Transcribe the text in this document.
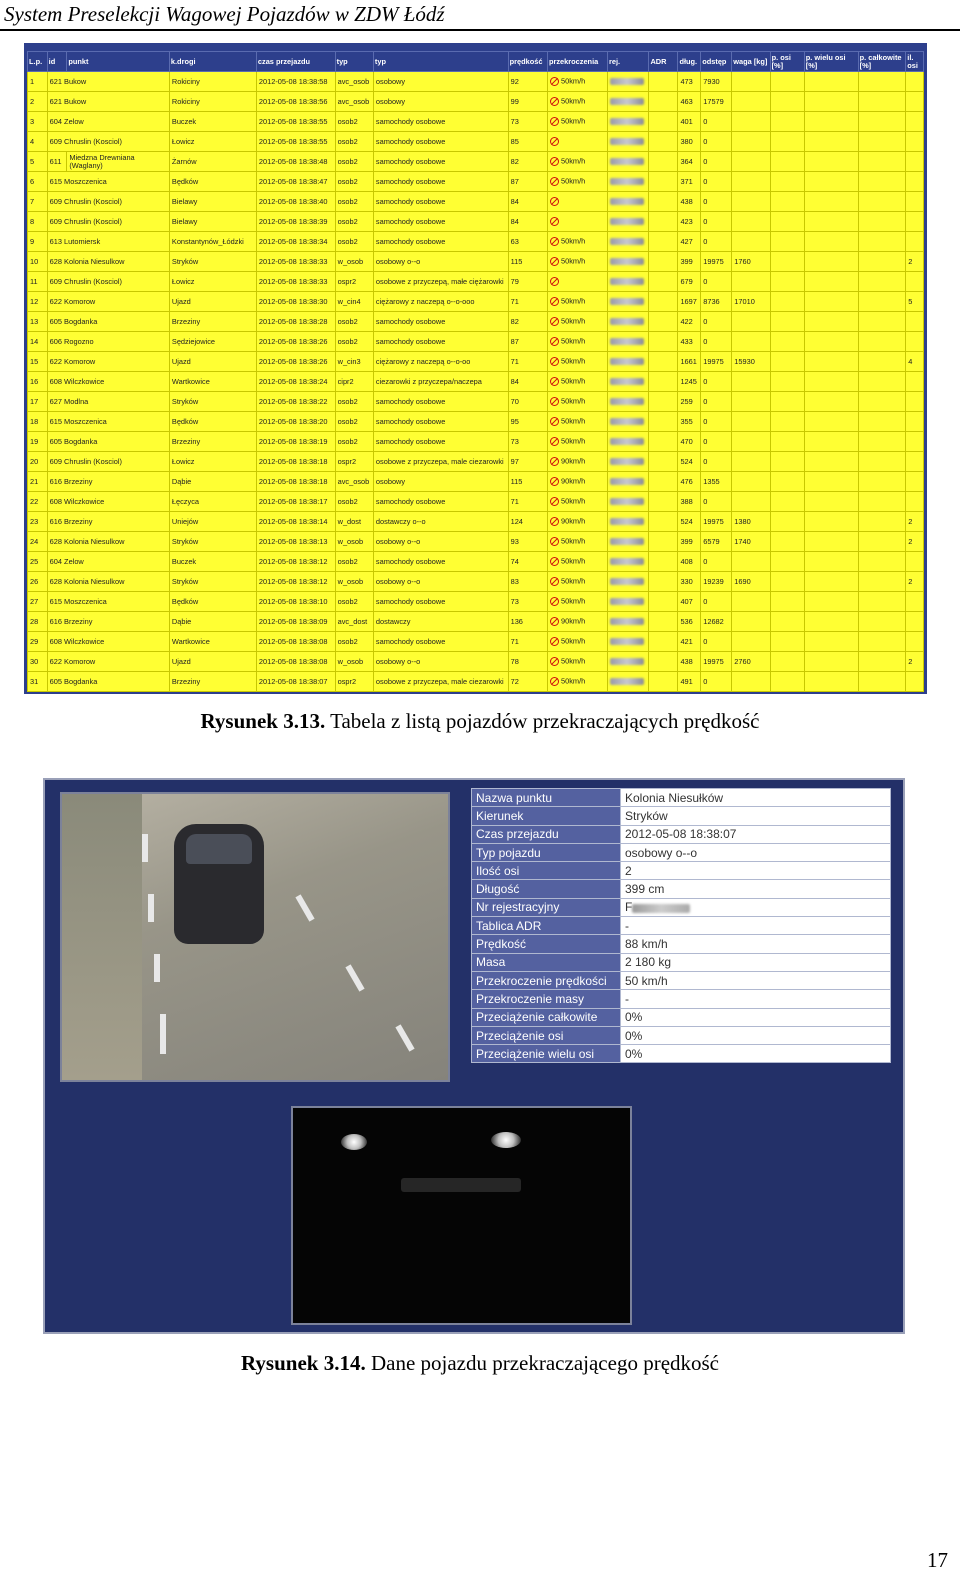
System Preselekcji Wagowej Pojazdów w ZDW Łódź
L.p.	id	punkt	k.drogi	czas przejazdu	typ	typ	prędkość	przekroczenia	rej.	ADR	dług.	odstęp	waga [kg]	p. osi [%]	p. wielu osi [%]	p. całkowite [%]	il. osi
1	621 Bukow		Rokiciny	2012-05-08 18:38:58	avc_osob	osobowy	92	50km/h			473	7930					
2	621 Bukow		Rokiciny	2012-05-08 18:38:56	avc_osob	osobowy	99	50km/h			463	17579					
3	604 Zelow		Buczek	2012-05-08 18:38:55	osob2	samochody osobowe	73	50km/h			401	0					
4	609 Chruslin (Kosciol)		Łowicz	2012-05-08 18:38:55	osob2	samochody osobowe	85				380	0					
5	611	Miedzna Drewniana (Waglany)	Żarnów	2012-05-08 18:38:48	osob2	samochody osobowe	82	50km/h			364	0					
6	615 Moszczenica		Będków	2012-05-08 18:38:47	osob2	samochody osobowe	87	50km/h			371	0					
7	609 Chruslin (Kosciol)		Bielawy	2012-05-08 18:38:40	osob2	samochody osobowe	84				438	0					
8	609 Chruslin (Kosciol)		Bielawy	2012-05-08 18:38:39	osob2	samochody osobowe	84				423	0					
9	613 Lutomiersk		Konstantynów_Łódzki	2012-05-08 18:38:34	osob2	samochody osobowe	63	50km/h			427	0					
10	628 Kolonia Niesulkow		Stryków	2012-05-08 18:38:33	w_osob	osobowy o--o	115	50km/h			399	19975	1760				2
11	609 Chruslin (Kosciol)		Łowicz	2012-05-08 18:38:33	ospr2	osobowe z przyczepą, małe ciężarowki	79				679	0					
12	622 Komorow		Ujazd	2012-05-08 18:38:30	w_cin4	ciężarowy z naczepą o--o-ooo	71	50km/h			1697	8736	17010				5
13	605 Bogdanka		Brzeziny	2012-05-08 18:38:28	osob2	samochody osobowe	82	50km/h			422	0					
14	606 Rogozno		Sędziejowice	2012-05-08 18:38:26	osob2	samochody osobowe	87	50km/h			433	0					
15	622 Komorow		Ujazd	2012-05-08 18:38:26	w_cin3	ciężarowy z naczepą o--o-oo	71	50km/h			1661	19975	15930				4
16	608 Wilczkowice		Wartkowice	2012-05-08 18:38:24	cipr2	ciezarowki z przyczepa/naczepa	84	50km/h			1245	0					
17	627 Modlna		Stryków	2012-05-08 18:38:22	osob2	samochody osobowe	70	50km/h			259	0					
18	615 Moszczenica		Będków	2012-05-08 18:38:20	osob2	samochody osobowe	95	50km/h			355	0					
19	605 Bogdanka		Brzeziny	2012-05-08 18:38:19	osob2	samochody osobowe	73	50km/h			470	0					
20	609 Chruslin (Kosciol)		Łowicz	2012-05-08 18:38:18	ospr2	osobowe z przyczepa, male ciezarowki	97	90km/h			524	0					
21	616 Brzeziny		Dąbie	2012-05-08 18:38:18	avc_osob	osobowy	115	90km/h			476	1355					
22	608 Wilczkowice		Łęczyca	2012-05-08 18:38:17	osob2	samochody osobowe	71	50km/h			388	0					
23	616 Brzeziny		Uniejów	2012-05-08 18:38:14	w_dost	dostawczy o--o	124	90km/h			524	19975	1380				2
24	628 Kolonia Niesulkow		Stryków	2012-05-08 18:38:13	w_osob	osobowy o--o	93	50km/h			399	6579	1740				2
25	604 Zelow		Buczek	2012-05-08 18:38:12	osob2	samochody osobowe	74	50km/h			408	0					
26	628 Kolonia Niesulkow		Stryków	2012-05-08 18:38:12	w_osob	osobowy o--o	83	50km/h			330	19239	1690				2
27	615 Moszczenica		Będków	2012-05-08 18:38:10	osob2	samochody osobowe	73	50km/h			407	0					
28	616 Brzeziny		Dąbie	2012-05-08 18:38:09	avc_dost	dostawczy	136	90km/h			536	12682					
29	608 Wilczkowice		Wartkowice	2012-05-08 18:38:08	osob2	samochody osobowe	71	50km/h			421	0					
30	622 Komorow		Ujazd	2012-05-08 18:38:08	w_osob	osobowy o--o	78	50km/h			438	19975	2760				2
31	605 Bogdanka		Brzeziny	2012-05-08 18:38:07	ospr2	osobowe z przyczepa, male ciezarowki	72	50km/h			491	0					
Rysunek 3.13. Tabela z listą pojazdów przekraczających prędkość
Nazwa punktu	Kolonia Niesułków
Kierunek	Stryków
Czas przejazdu	2012-05-08 18:38:07
Typ pojazdu	osobowy o--o
Ilość osi	2
Długość	399 cm
Nr rejestracyjny	F
Tablica ADR	-
Prędkość	88 km/h
Masa	2 180 kg
Przekroczenie prędkości	50 km/h
Przekroczenie masy	-
Przeciążenie całkowite	0%
Przeciążenie osi	0%
Przeciążenie wielu osi	0%
Rysunek 3.14. Dane pojazdu przekraczającego prędkość
17
